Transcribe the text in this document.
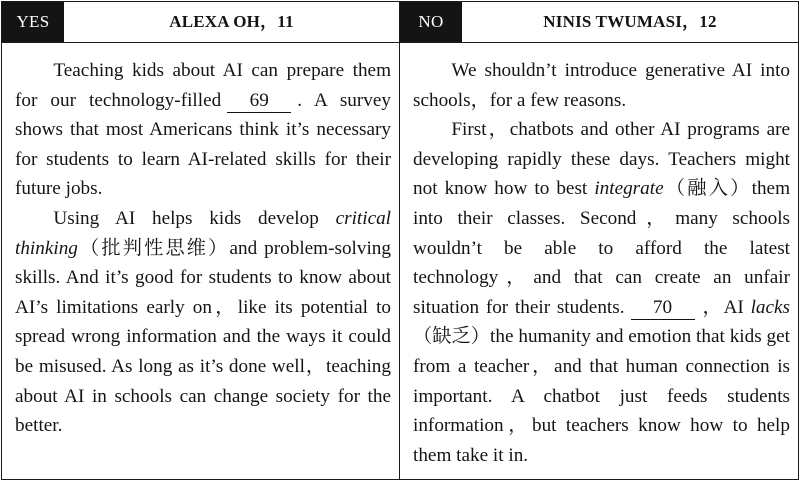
YES	ALEXA OH，11

Teaching kids about AI can prepare them for our technology-filled 69 . A survey shows that most Americans think it’s necessary for students to learn AI-related skills for their future jobs.

Using AI helps kids develop critical thinking（批判性思维）and problem-solving skills. And it’s good for students to know about AI’s limitations early on，like its potential to spread wrong information and the ways it could be misused. As long as it’s done well，teaching about AI in schools can change society for the better.

NO	NINIS TWUMASI，12

We shouldn’t introduce generative AI into schools，for a few reasons.

First，chatbots and other AI programs are developing rapidly these days. Teachers might not know how to best integrate（融入）them into their classes. Second，many schools wouldn’t be able to afford the latest technology，and that can create an unfair situation for their students. 70 ，AI lacks（缺乏）the humanity and emotion that kids get from a teacher，and that human connection is important. A chatbot just feeds students information，but teachers know how to help them take it in.
